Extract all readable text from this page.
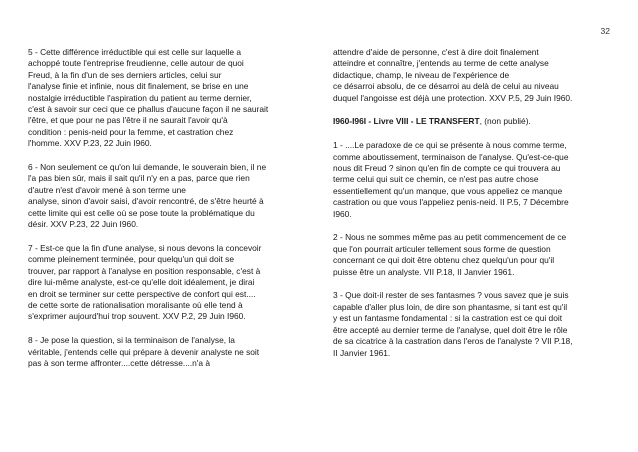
32
5 - Cette différence irréductible qui est celle sur laquelle a
achoppé toute l'entreprise freudienne, celle autour de quoi
Freud, à la fin d'un de ses derniers articles, celui sur
l'analyse finie et infinie, nous dit finalement, se brise en une
nostalgie irréductible l'aspiration du patient au terme dernier,
c'est à savoir sur ceci que ce phallus d'aucune façon il ne saurait
l'être, et que pour ne pas l'être il ne saurait l'avoir qu'à
condition : penis-neid pour la femme, et castration chez
l'homme. XXV P.23, 22 Juin I960.
6 - Non seulement ce qu'on lui demande, le souverain bien, il ne
l'a pas bien sûr, mais il sait qu'il n'y en a pas, parce que rien
d'autre n'est d'avoir mené à son terme une
analyse, sinon d'avoir saisi, d'avoir rencontré, de s'être heurté à
cette limite qui est celle où se pose toute la problématique du
désir. XXV P.23, 22 Juin I960.
7 - Est-ce que la fin d'une analyse, si nous devons la concevoir
comme pleinement terminée, pour quelqu'un qui doit se
trouver, par rapport à l'analyse en position responsable, c'est à
dire lui-même analyste, est-ce qu'elle doit idéalement, je dirai
en droit se terminer sur cette perspective de confort qui est....
de cette sorte de rationalisation moralisante où elle tend à
s'exprimer aujourd'hui trop souvent. XXV P.2, 29 Juin I960.
8 - Je pose la question, si la terminaison de l'analyse, la
véritable, j'entends celle qui prépare à devenir analyste ne soit
pas à son terme affronter....cette détresse....n'a à
attendre d'aide de personne, c'est à dire doit finalement
atteindre et connaître, j'entends au terme de cette analyse
didactique, champ, le niveau de l'expérience de
ce désarroi absolu, de ce désarroi au delà de celui au niveau
duquel l'angoisse est déjà une protection. XXV P.5, 29 Juin I960.
I960-I96I - Livre VIII - LE TRANSFERT, (non publié).
1 - ....Le paradoxe de ce qui se présente à nous comme terme,
comme aboutissement, terminaison de l'analyse. Qu'est-ce-que
nous dit Freud ? sinon qu'en fin de compte ce qui trouvera au
terme celui qui suit ce chemin, ce n'est pas autre chose
essentiellement qu'un manque, que vous appeliez ce manque
castration ou que vous l'appeliez penis-neid. II P.5, 7 Décembre
I960.
2 - Nous ne sommes même pas au petit commencement de ce
que l'on pourrait articuler tellement sous forme de question
concernant ce qui doit être obtenu chez quelqu'un pour qu'il
puisse être un analyste. VII P.18, II Janvier 1961.
3 - Que doit-il rester de ses fantasmes ? vous savez que je suis
capable d'aller plus loin, de dire son phantasme, si tant est qu'il
y est un fantasme fondamental : si la castration est ce qui doit
être accepté au dernier terme de l'analyse, quel doit être le rôle
de sa cicatrice à la castration dans l'eros de l'analyste ? VII P.18,
II Janvier 1961.
